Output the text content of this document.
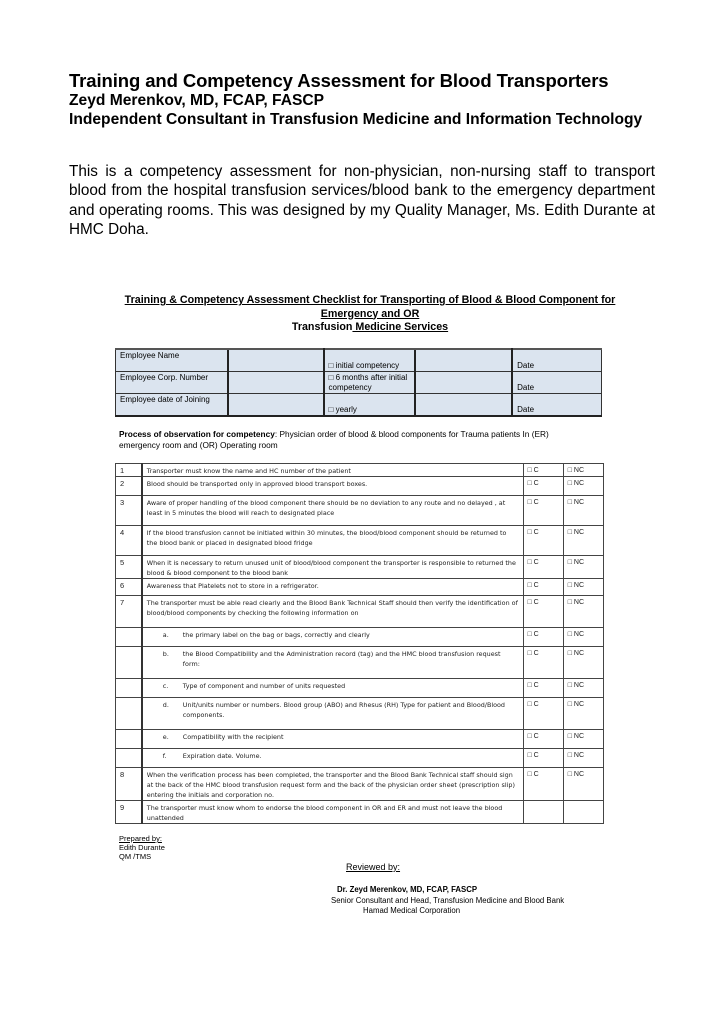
Training and Competency Assessment for Blood Transporters
Zeyd Merenkov, MD, FCAP, FASCP
Independent Consultant in Transfusion Medicine and Information Technology
This is a competency assessment for non-physician, non-nursing staff to transport blood from the hospital transfusion services/blood bank to the emergency department and operating rooms. This was designed by my Quality Manager, Ms. Edith Durante at HMC Doha.
Training & Competency Assessment Checklist for Transporting of Blood & Blood Component for
Emergency and OR
Transfusion Medicine Services
Employee Name		□ initial competency		Date
Employee Corp. Number		□ 6 months after initial competency		Date
Employee date of Joining		□ yearly		Date
Process of observation for competency: Physician order of blood & blood components for Trauma patients In (ER) emergency room and (OR) Operating room
1	Transporter must know the name and HC number of the patient	□ C	□ NC
2	Blood should be transported only in approved blood transport boxes.	□ C	□ NC
3	Aware of proper handling of the blood component there should be no deviation to any route and no delayed , at least in 5 minutes the blood will reach to designated place	□ C	□ NC
4	If the blood transfusion cannot be initiated within 30 minutes, the blood/blood component should be returned to the blood bank or placed in designated blood fridge	□ C	□ NC
5	When it is necessary to return unused unit of blood/blood component the transporter is responsible to returned the blood & blood component to the blood bank	□ C	□ NC
6	Awareness that Platelets not to store in a refrigerator.	□ C	□ NC
7	The transporter must be able read clearly and the Blood Bank Technical Staff should then verify the identification of blood/blood components by checking the following information on	□ C	□ NC

	a. the primary label on the bag or bags, correctly and clearly	□ C	□ NC

	b. the Blood Compatibility and the Administration record (tag) and the HMC blood transfusion request form:	□ C	□ NC

	c. Type of component and number of units requested	□ C	□ NC

	d. Unit/units number or numbers. Blood group (ABO) and Rhesus (RH) Type for patient and Blood/Blood components.	□ C	□ NC

	e. Compatibility with the recipient	□ C	□ NC

	f. Expiration date. Volume.	□ C	□ NC
8	When the verification process has been completed, the transporter and the Blood Bank Technical staff should sign at the back of the HMC blood transfusion request form and the back of the physician order sheet (prescription slip) entering the initials and corporation no.	□ C	□ NC
9	The transporter must know whom to endorse the blood component in OR and ER and must not leave the blood unattended		
Prepared by:
Edith Durante
QM /TMS
Reviewed by:
Dr. Zeyd Merenkov, MD, FCAP, FASCP
Senior Consultant and Head, Transfusion Medicine and Blood Bank
Hamad Medical Corporation
